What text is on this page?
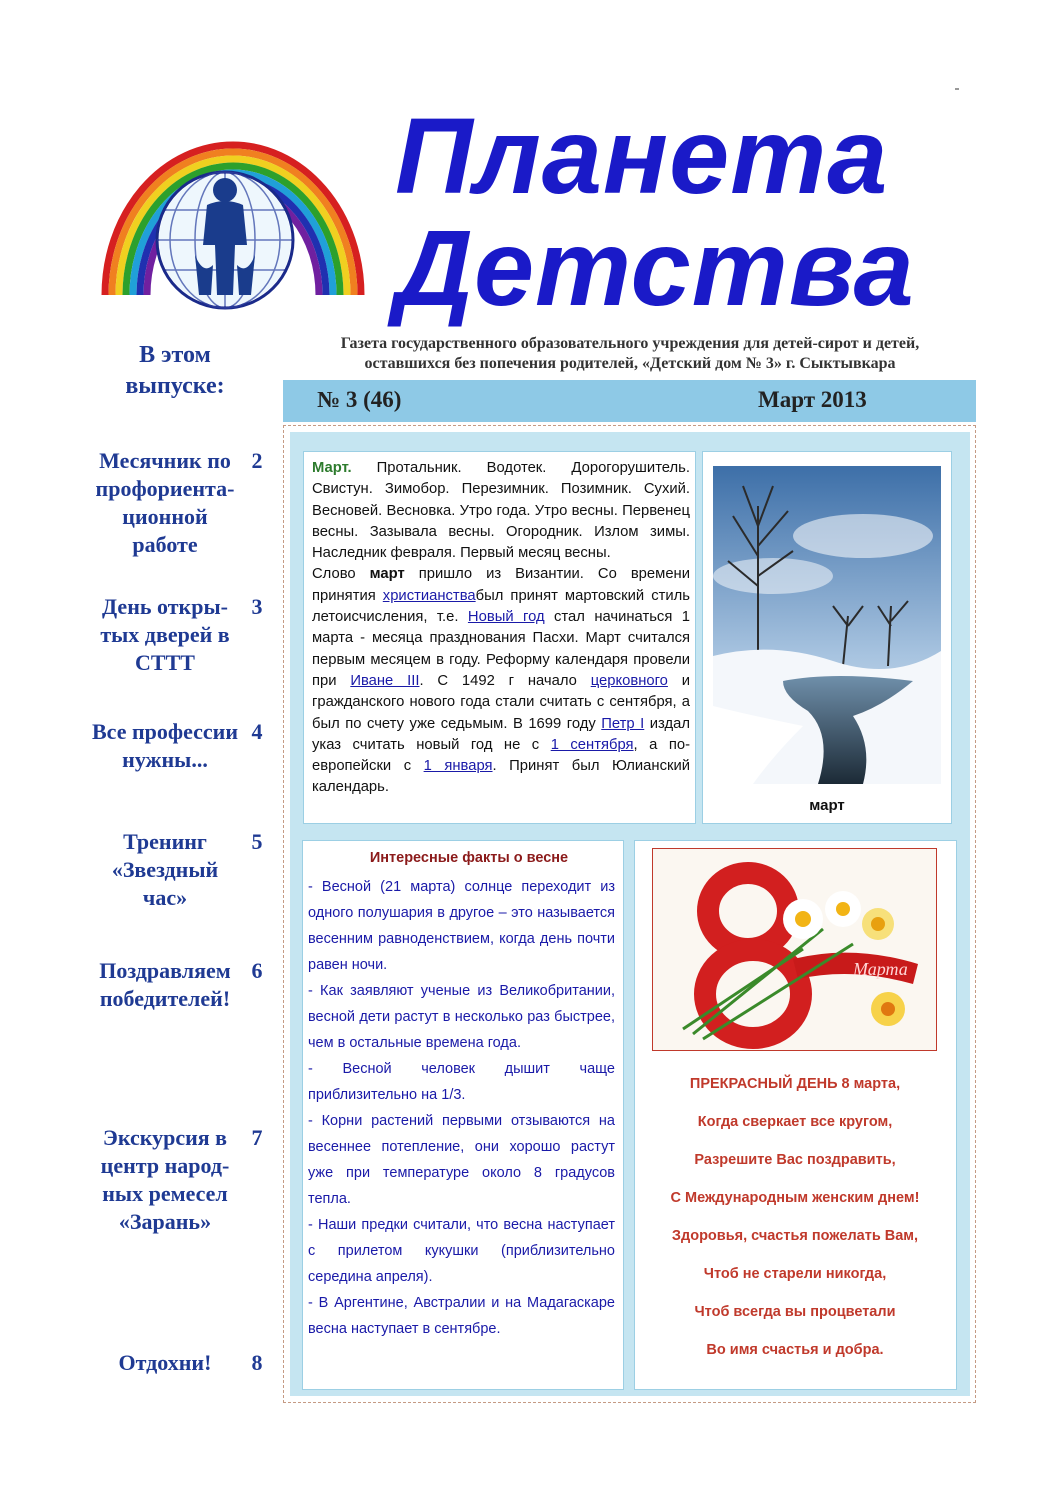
Планета
Детства
Газета государственного образовательного учреждения для детей-сирот и детей,
оставшихся без попечения родителей, «Детский дом № 3» г. Сыктывкара
В этом
выпуске:
Месячник по
профориента-
ционной
работе
2
День откры-
тых дверей в
СТТТ
3
Все профессии
нужны...
4
Тренинг
«Звездный
час»
5
Поздравляем
победителей!
6
Экскурсия в
центр народ-
ных ремесел
«Зарань»
7
Отдохни!	8
№ 3 (46)	Март 2013
Март. Протальник. Водотек. Дорогорушитель. Свистун. Зимобор. Перезимник. Позимник. Сухий. Весновей. Весновка. Утро года. Утро весны. Первенец весны. Зазывала весны. Огородник. Излом зимы. Наследник февраля. Первый месяц весны.
Слово март пришло из Византии. Со времени принятия христианствабыл принят мартовский стиль летоисчисления, т.е. Новый год стал начинаться 1 марта - месяца празднования Пасхи. Март считался первым месяцем в году. Реформу календаря провели при Иване III. С 1492 г начало церковного и гражданского нового года стали считать с сентября, а был по счету уже седьмым. В 1699 году Петр I издал указ считать новый год не с 1 сентября, а по-европейски с 1 января. Принят был Юлианский календарь.
март
Интересные факты о весне
- Весной (21 марта) солнце переходит из одного полушария в другое – это называется весенним равноденствием, когда день почти равен ночи.
- Как заявляют ученые из Великобритании, весной дети растут в несколько раз быстрее, чем в остальные времена года.
- Весной человек дышит чаще приблизительно на 1/3.
- Корни растений первыми отзываются на весеннее потепление, они хорошо растут уже при температуре около 8 градусов тепла.
- Наши предки считали, что весна наступает с прилетом кукушки (приблизительно середина апреля).
- В Аргентине, Австралии и на Мадагаскаре весна наступает в сентябре.
Марта
ПРЕКРАСНЫЙ ДЕНЬ 8 марта,
Когда сверкает все кругом,
Разрешите Вас поздравить,
С Международным женским днем!
Здоровья, счастья пожелать Вам,
Чтоб не старели никогда,
Чтоб всегда вы процветали
Во имя счастья и добра.
